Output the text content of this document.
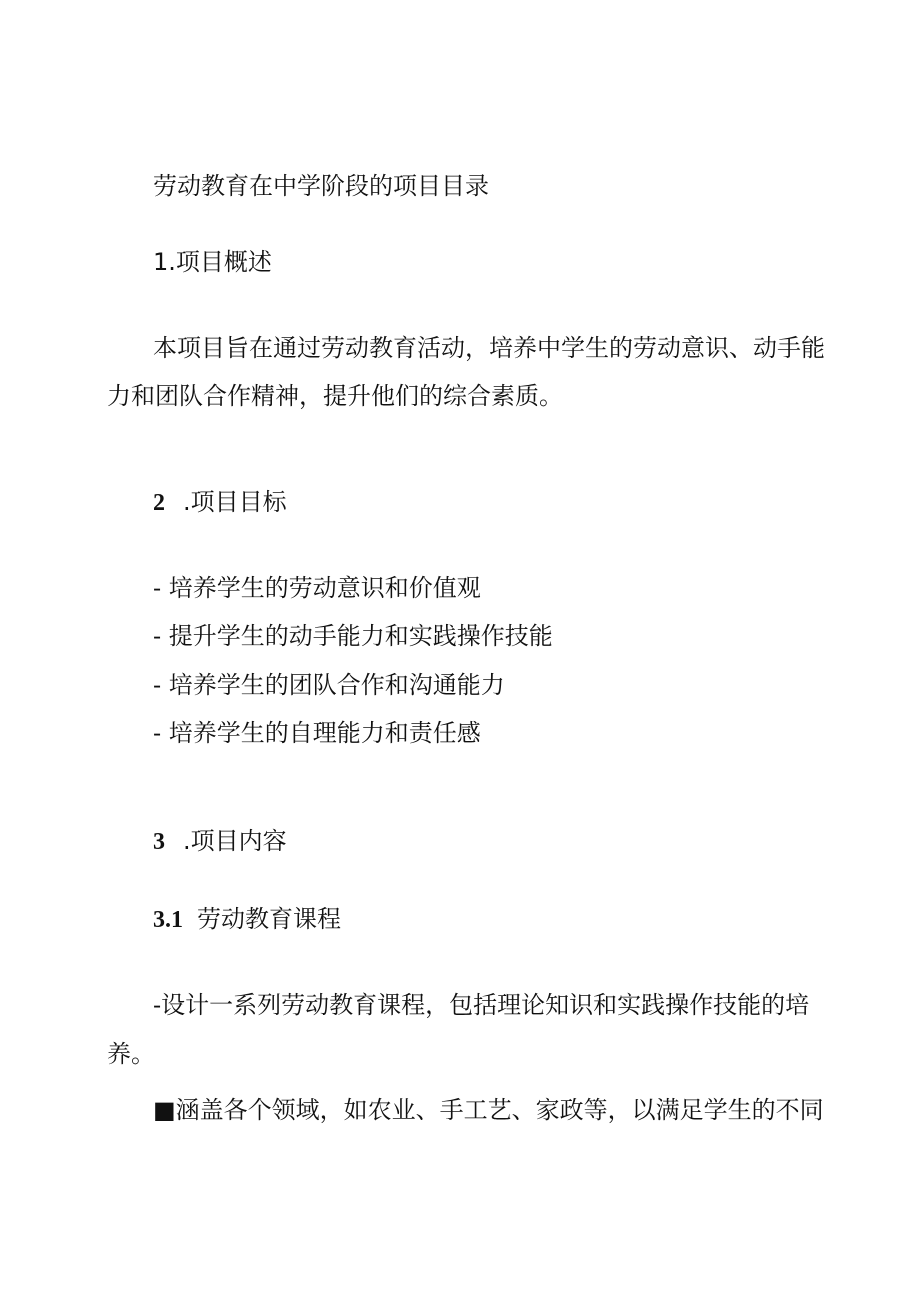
劳动教育在中学阶段的项目目录
1.项目概述
本项目旨在通过劳动教育活动，培养中学生的劳动意识、动手能
力和团队合作精神，提升他们的综合素质。
2 .项目目标
- 培养学生的劳动意识和价值观
- 提升学生的动手能力和实践操作技能
- 培养学生的团队合作和沟通能力
- 培养学生的自理能力和责任感
3 .项目内容
3.1 劳动教育课程
-设计一系列劳动教育课程，包括理论知识和实践操作技能的培
养。
■涵盖各个领域，如农业、手工艺、家政等，以满足学生的不同
